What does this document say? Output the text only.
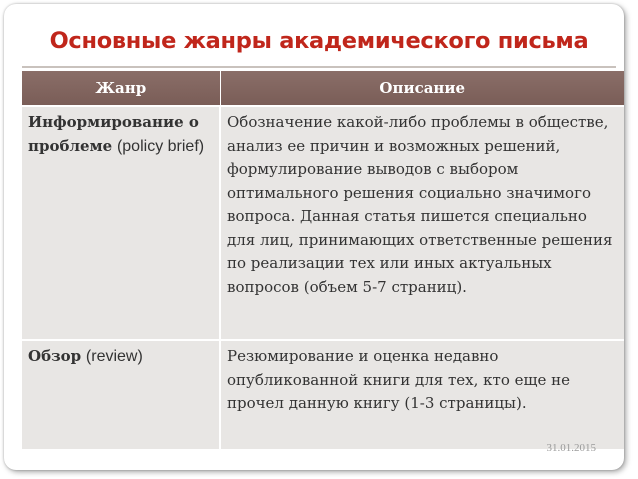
Основные жанры академического письма
Жанр	Описание
Информирование о проблеме (policy brief)	Обозначение какой-либо проблемы в обществе, анализ ее причин и возможных решений, формулирование выводов с выбором оптимального решения социально значимого вопроса. Данная статья пишется специально для лиц, принимающих ответственные решения по реализации тех или иных актуальных вопросов (объем 5-7 страниц).
Обзор (review)	Резюмирование и оценка недавно опубликованной книги для тех, кто еще не прочел данную книгу (1-3 страницы).
31.01.2015
